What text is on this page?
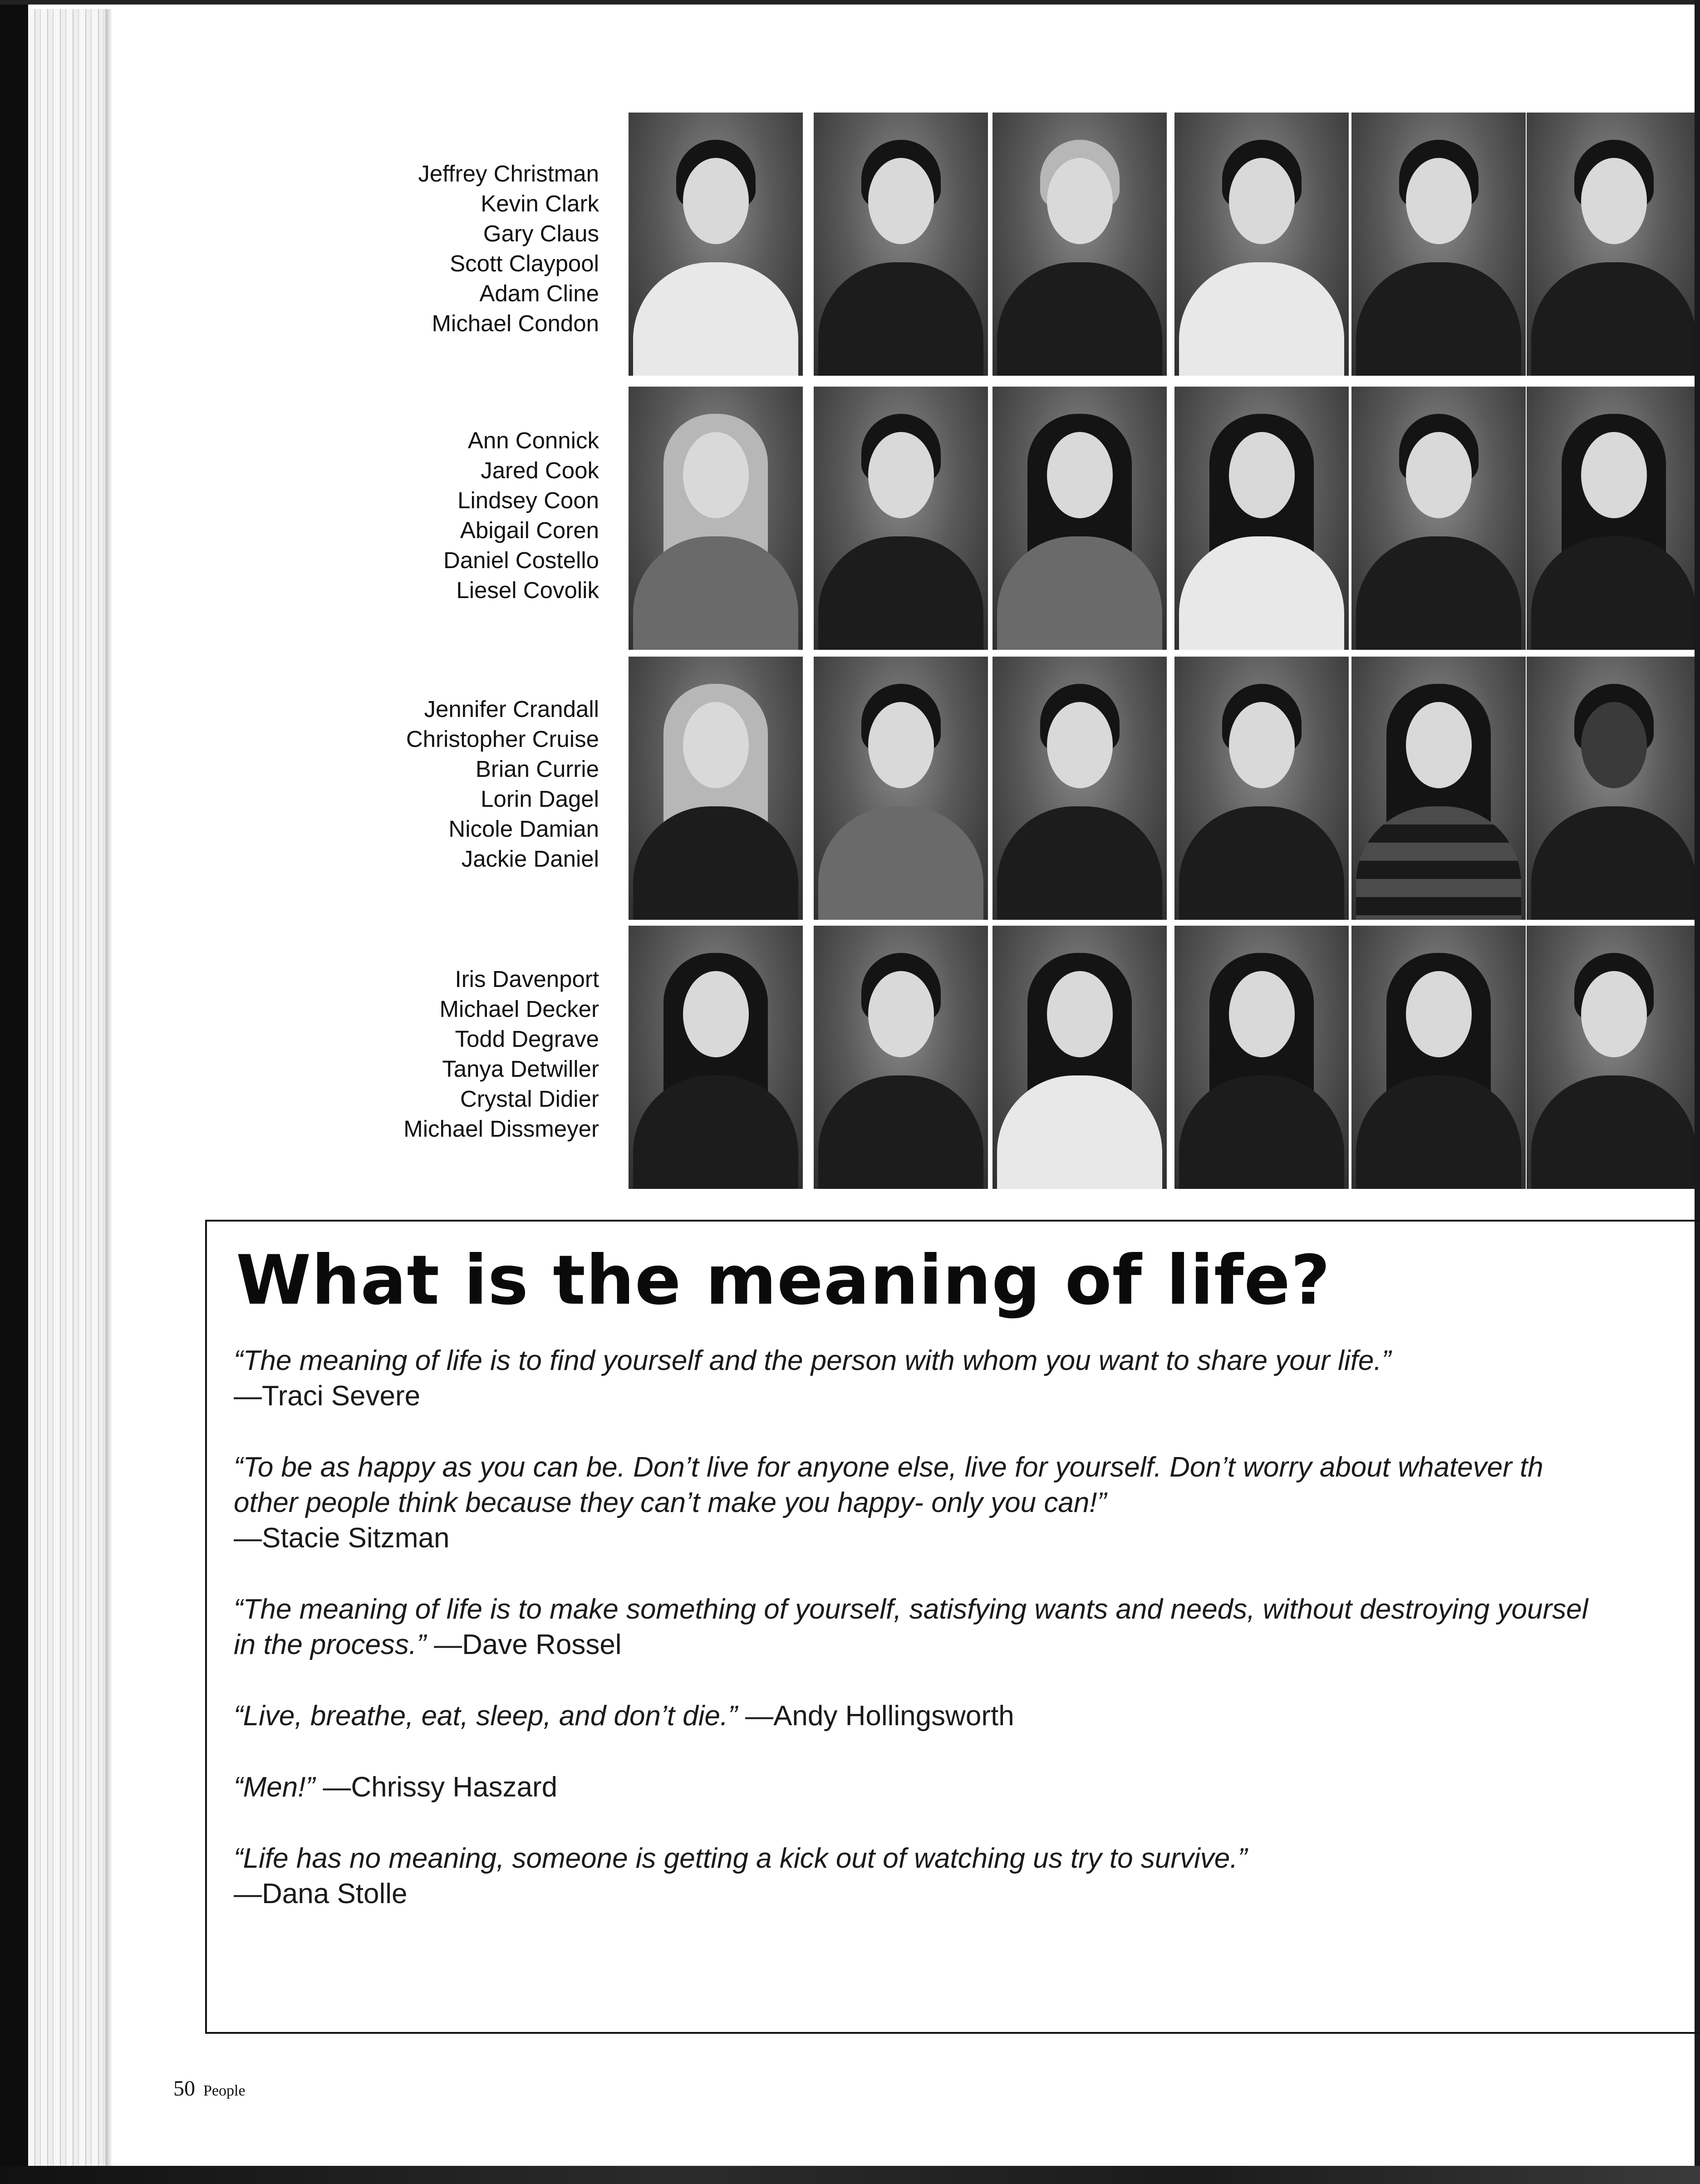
Jeffrey Christman
Kevin Clark
Gary Claus
Scott Claypool
Adam Cline
Michael Condon
Ann Connick
Jared Cook
Lindsey Coon
Abigail Coren
Daniel Costello
Liesel Covolik
Jennifer Crandall
Christopher Cruise
Brian Currie
Lorin Dagel
Nicole Damian
Jackie Daniel
Iris Davenport
Michael Decker
Todd Degrave
Tanya Detwiller
Crystal Didier
Michael Dissmeyer
What is the meaning of life?
“The meaning of life is to find yourself and the person with whom you want to share your life.”
—Traci Severe
“To be as happy as you can be. Don’t live for anyone else, live for yourself. Don’t worry about whatever th
other people think because they can’t make you happy- only you can!”
—Stacie Sitzman
“The meaning of life is to make something of yourself, satisfying wants and needs, without destroying yoursel
in the process.” —Dave Rossel
“Live, breathe, eat, sleep, and don’t die.” —Andy Hollingsworth
“Men!” —Chrissy Haszard
“Life has no meaning, someone is getting a kick out of watching us try to survive.”
—Dana Stolle
50 People
